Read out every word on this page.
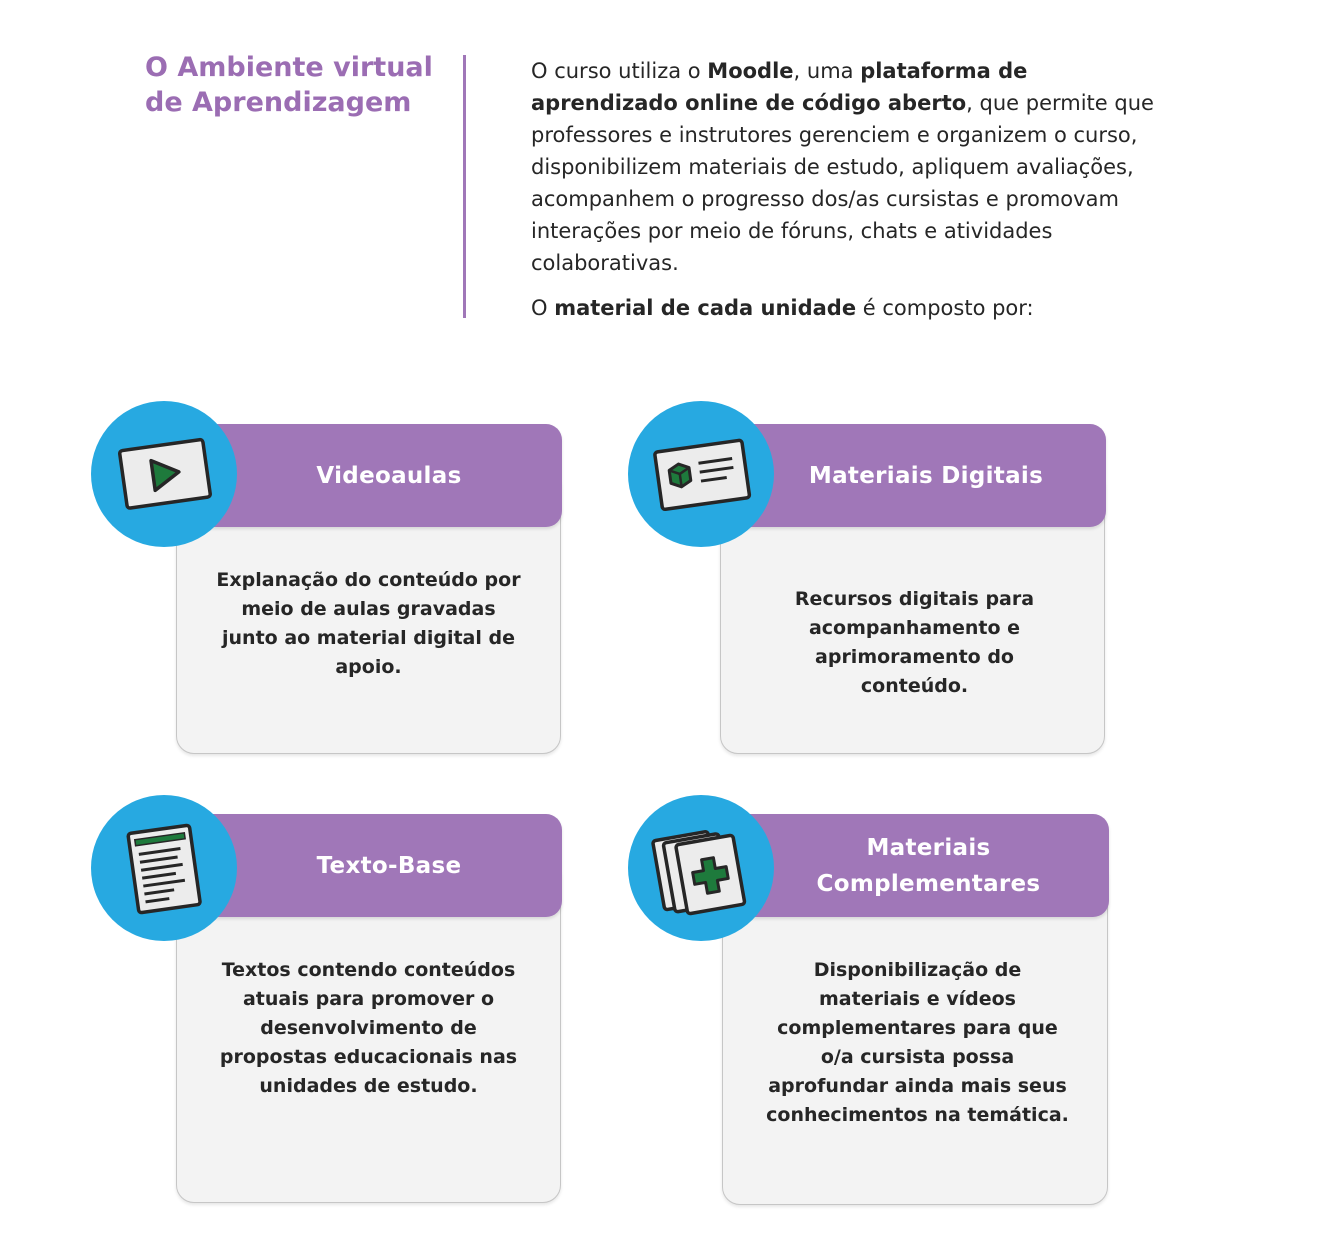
O Ambiente virtual
de Aprendizagem

O curso utiliza o Moodle, uma plataforma de aprendizado online de código aberto, que permite que professores e instrutores gerenciem e organizem o curso, disponibilizem materiais de estudo, apliquem avaliações, acompanhem o progresso dos/as cursistas e promovam interações por meio de fóruns, chats e atividades colaborativas.

O material de cada unidade é composto por:

Videoaulas
Explanação do conteúdo por meio de aulas gravadas junto ao material digital de apoio.
Materiais Digitais
Recursos digitais para acompanhamento e aprimoramento do conteúdo.
Texto-Base
Textos contendo conteúdos atuais para promover o desenvolvimento de propostas educacionais nas unidades de estudo.
Materiais
Complementares
Disponibilização de materiais e vídeos complementares para que o/a cursista possa aprofundar ainda mais seus conhecimentos na temática.
